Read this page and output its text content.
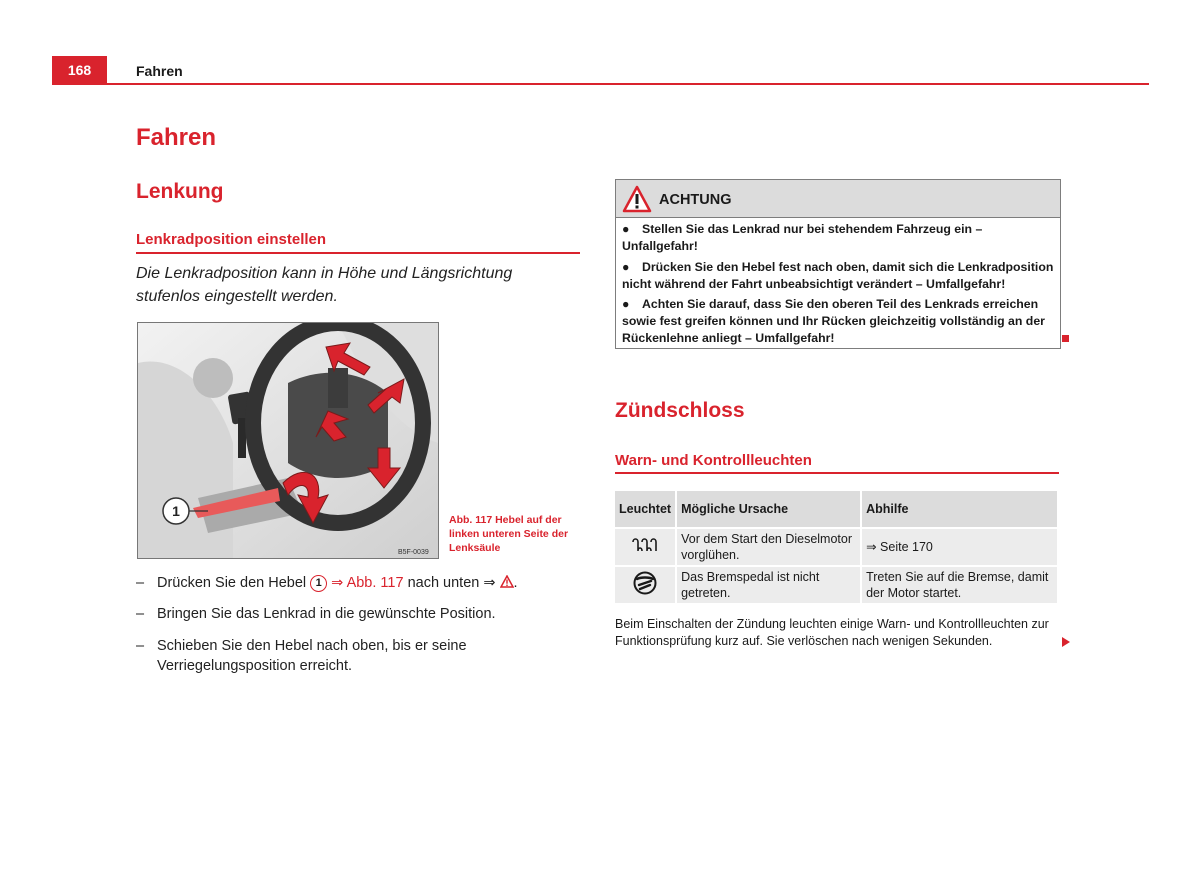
168	Fahren
Fahren
Lenkung
Lenkradposition einstellen
Die Lenkradposition kann in Höhe und Längsrichtung stufenlos eingestellt werden.
1
B5F-0039
Abb. 117 Hebel auf der linken unteren Seite der Lenksäule
– Drücken Sie den Hebel 1 ⇒ Abb. 117 nach unten ⇒ .
– Bringen Sie das Lenkrad in die gewünschte Position.
– Schieben Sie den Hebel nach oben, bis er seine Verriegelungsposition erreicht.
ACHTUNG
●	Stellen Sie das Lenkrad nur bei stehendem Fahrzeug ein – Unfallgefahr!
●	Drücken Sie den Hebel fest nach oben, damit sich die Lenkradposition nicht während der Fahrt unbeabsichtigt verändert – Umfallgefahr!
●	Achten Sie darauf, dass Sie den oberen Teil des Lenkrads erreichen sowie fest greifen können und Ihr Rücken gleichzeitig vollständig an der Rückenlehne anliegt – Umfallgefahr!
Zündschloss
Warn- und Kontrollleuchten
Leuchtet	Mögliche Ursache	Abhilfe
	Vor dem Start den Dieselmotor vorglühen.	⇒ Seite 170
	Das Bremspedal ist nicht getreten.	Treten Sie auf die Bremse, damit der Motor startet.
Beim Einschalten der Zündung leuchten einige Warn- und Kontrollleuchten zur Funktionsprüfung kurz auf. Sie verlöschen nach wenigen Sekunden.
